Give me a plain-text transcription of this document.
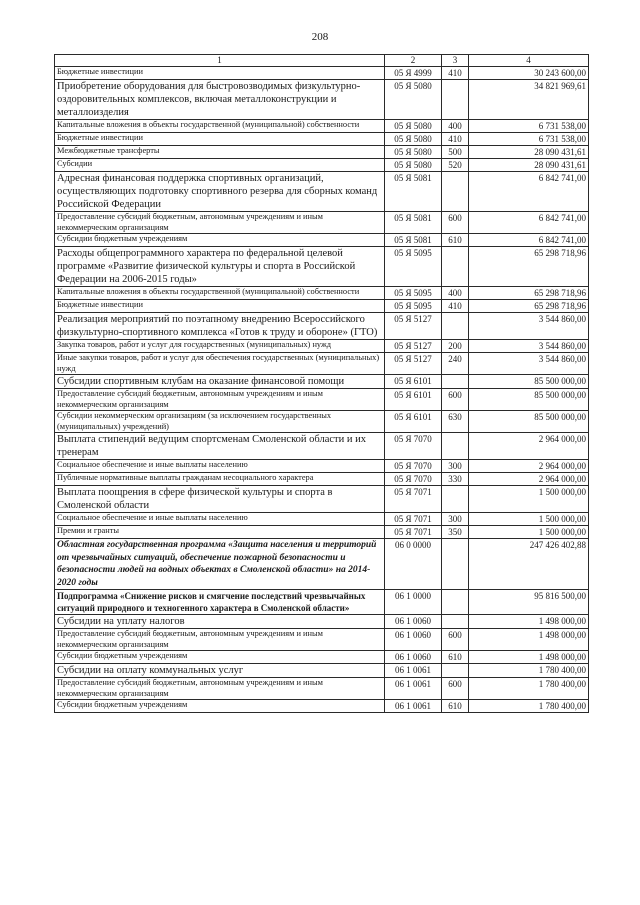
208
1	2	3	4
Бюджетные инвестиции	05 Я 4999	410	30 243 600,00
Приобретение оборудования для быстровозводимых физкультурно-оздоровительных комплексов, включая металлоконструкции и металлоизделия	05 Я 5080		34 821 969,61
Капитальные вложения в объекты государственной (муниципальной) собственности	05 Я 5080	400	6 731 538,00
Бюджетные инвестиции	05 Я 5080	410	6 731 538,00
Межбюджетные трансферты	05 Я 5080	500	28 090 431,61
Субсидии	05 Я 5080	520	28 090 431,61
Адресная финансовая поддержка спортивных организаций, осуществляющих подготовку спортивного резерва для сборных команд Российской Федерации	05 Я 5081		6 842 741,00
Предоставление субсидий бюджетным, автономным учреждениям и иным некоммерческим организациям	05 Я 5081	600	6 842 741,00
Субсидии бюджетным учреждениям	05 Я 5081	610	6 842 741,00
Расходы общепрограммного характера по федеральной целевой программе «Развитие физической культуры и спорта в Российской Федерации на 2006-2015 годы»	05 Я 5095		65 298 718,96
Капитальные вложения в объекты государственной (муниципальной) собственности	05 Я 5095	400	65 298 718,96
Бюджетные инвестиции	05 Я 5095	410	65 298 718,96
Реализация мероприятий по поэтапному внедрению Всероссийского физкультурно-спортивного комплекса «Готов к труду и обороне» (ГТО)	05 Я 5127		3 544 860,00
Закупка товаров, работ и услуг для государственных (муниципальных) нужд	05 Я 5127	200	3 544 860,00
Иные закупки товаров, работ и услуг для обеспечения государственных (муниципальных) нужд	05 Я 5127	240	3 544 860,00
Субсидии спортивным клубам на оказание финансовой помощи	05 Я 6101		85 500 000,00
Предоставление субсидий бюджетным, автономным учреждениям и иным некоммерческим организациям	05 Я 6101	600	85 500 000,00
Субсидии некоммерческим организациям (за исключением государственных (муниципальных) учреждений)	05 Я 6101	630	85 500 000,00
Выплата стипендий ведущим спортсменам Смоленской области и их тренерам	05 Я 7070		2 964 000,00
Социальное обеспечение и иные выплаты населению	05 Я 7070	300	2 964 000,00
Публичные нормативные выплаты гражданам несоциального характера	05 Я 7070	330	2 964 000,00
Выплата поощрения в сфере физической культуры и спорта в Смоленской области	05 Я 7071		1 500 000,00
Социальное обеспечение и иные выплаты населению	05 Я 7071	300	1 500 000,00
Премии и гранты	05 Я 7071	350	1 500 000,00
Областная государственная программа «Защита населения и территорий от чрезвычайных ситуаций, обеспечение пожарной безопасности и безопасности людей на водных объектах в Смоленской области» на 2014-2020 годы	06 0 0000		247 426 402,88
Подпрограмма «Снижение рисков и смягчение последствий чрезвычайных ситуаций природного и техногенного характера в Смоленской области»	06 1 0000		95 816 500,00
Субсидии на уплату налогов	06 1 0060		1 498 000,00
Предоставление субсидий бюджетным, автономным учреждениям и иным некоммерческим организациям	06 1 0060	600	1 498 000,00
Субсидии бюджетным учреждениям	06 1 0060	610	1 498 000,00
Субсидии на оплату коммунальных услуг	06 1 0061		1 780 400,00
Предоставление субсидий бюджетным, автономным учреждениям и иным некоммерческим организациям	06 1 0061	600	1 780 400,00
Субсидии бюджетным учреждениям	06 1 0061	610	1 780 400,00
